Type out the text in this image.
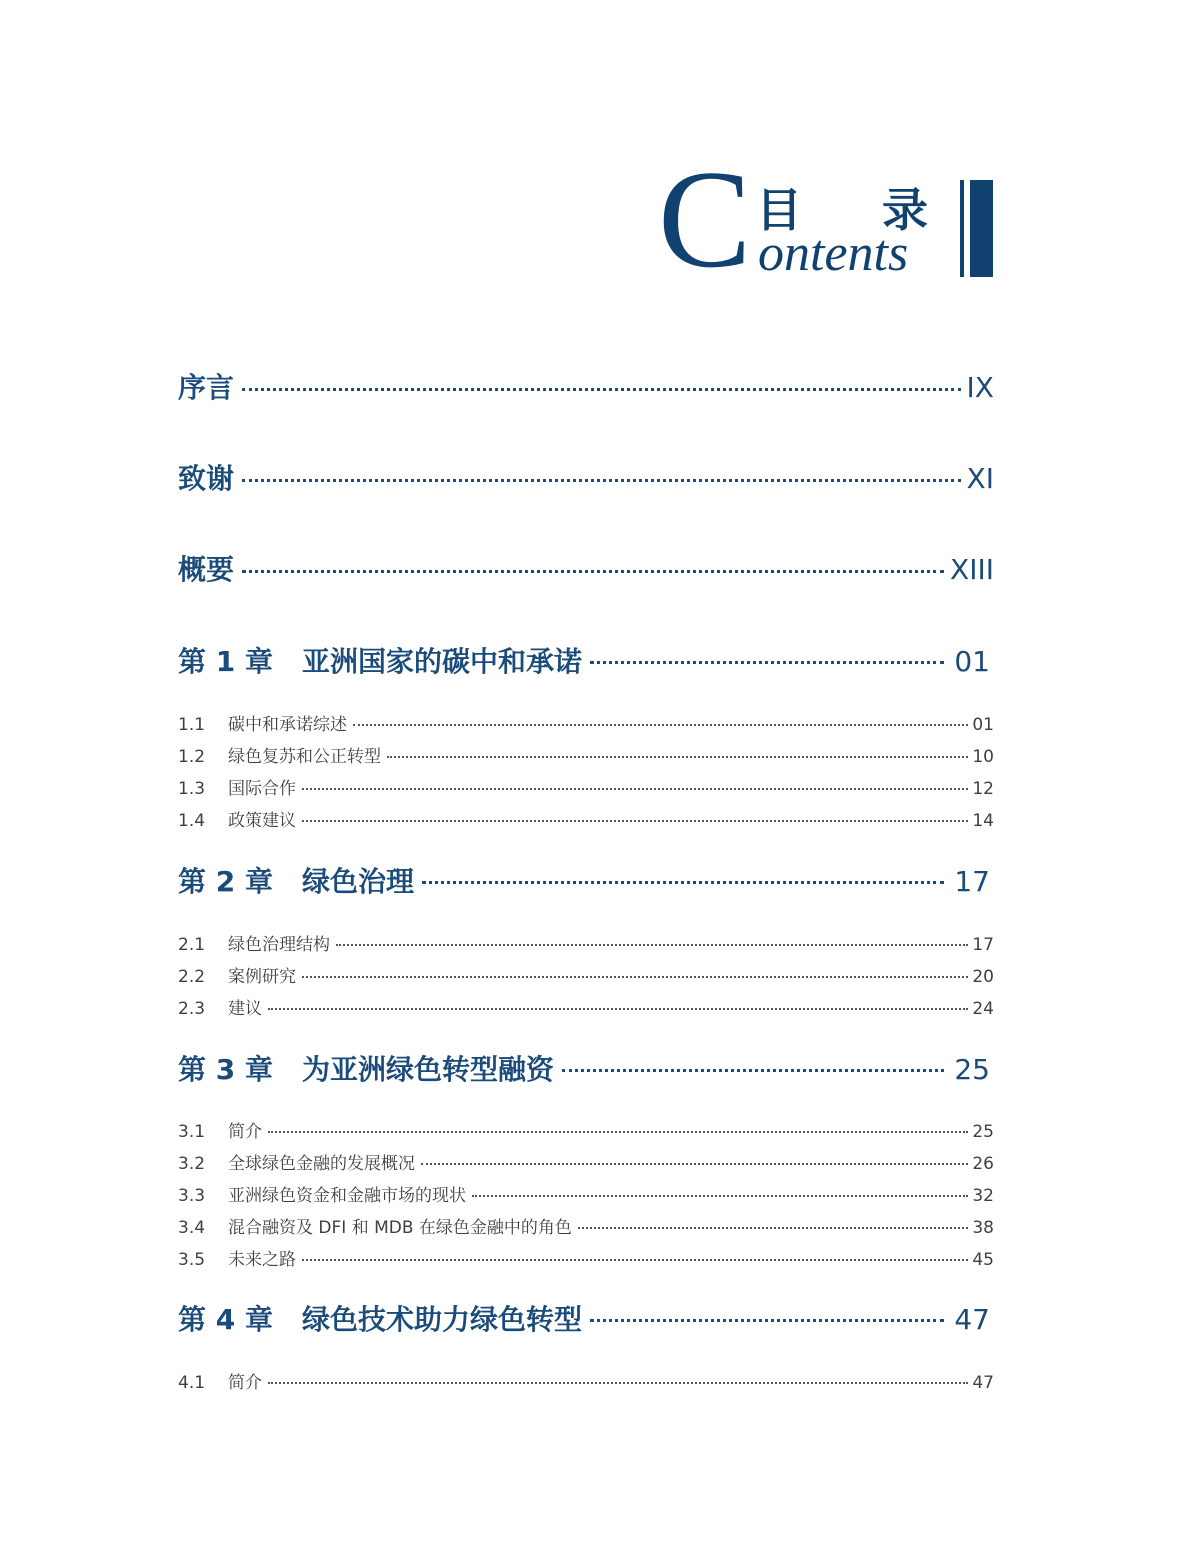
C 目 录
ontents
序言	IX
致谢	XI
概要	XIII
第 1 章	亚洲国家的碳中和承诺	01
1.1	碳中和承诺综述	01
1.2	绿色复苏和公正转型	10
1.3	国际合作	12
1.4	政策建议	14
第 2 章	绿色治理	17
2.1	绿色治理结构	17
2.2	案例研究	20
2.3	建议	24
第 3 章	为亚洲绿色转型融资	25
3.1	简介	25
3.2	全球绿色金融的发展概况	26
3.3	亚洲绿色资金和金融市场的现状	32
3.4	混合融资及 DFI 和 MDB 在绿色金融中的角色	38
3.5	未来之路	45
第 4 章	绿色技术助力绿色转型	47
4.1	简介	47
